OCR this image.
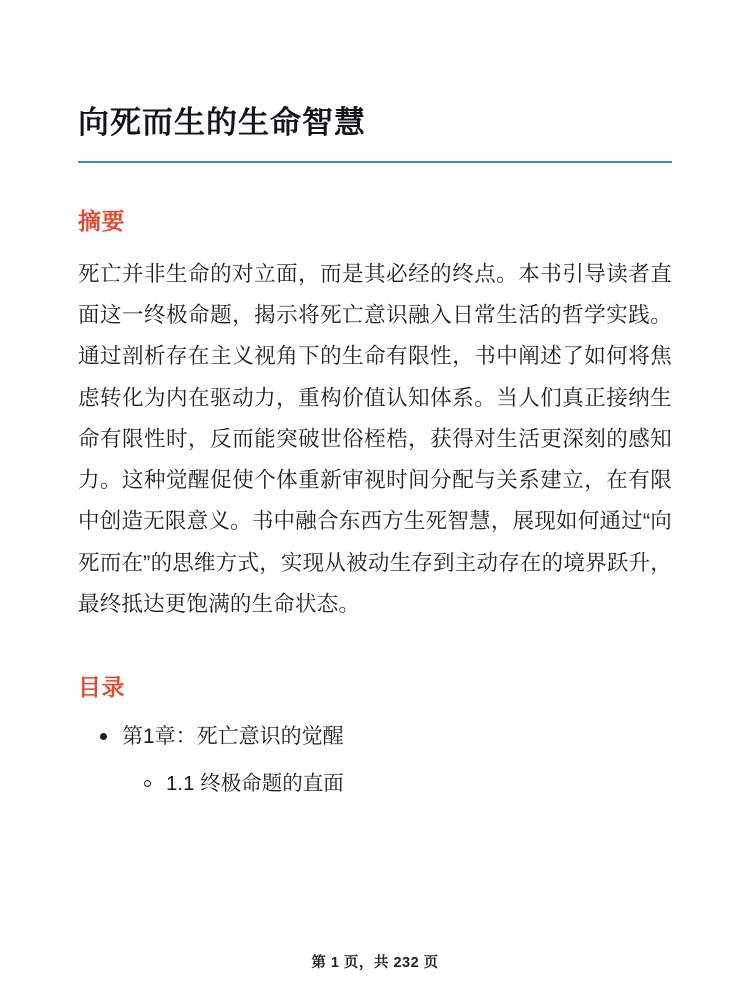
向死而生的生命智慧
摘要

死亡并非生命的对立面，而是其必经的终点。本书引导读者直面这一终极命题，揭示将死亡意识融入日常生活的哲学实践。通过剖析存在主义视角下的生命有限性，书中阐述了如何将焦虑转化为内在驱动力，重构价值认知体系。当人们真正接纳生命有限性时，反而能突破世俗桎梏，获得对生活更深刻的感知力。这种觉醒促使个体重新审视时间分配与关系建立，在有限中创造无限意义。书中融合东西方生死智慧，展现如何通过“向死而在”的思维方式，实现从被动生存到主动存在的境界跃升，最终抵达更饱满的生命状态。

目录
第1章：死亡意识的觉醒
1.1 终极命题的直面
第 1 页，共 232 页
